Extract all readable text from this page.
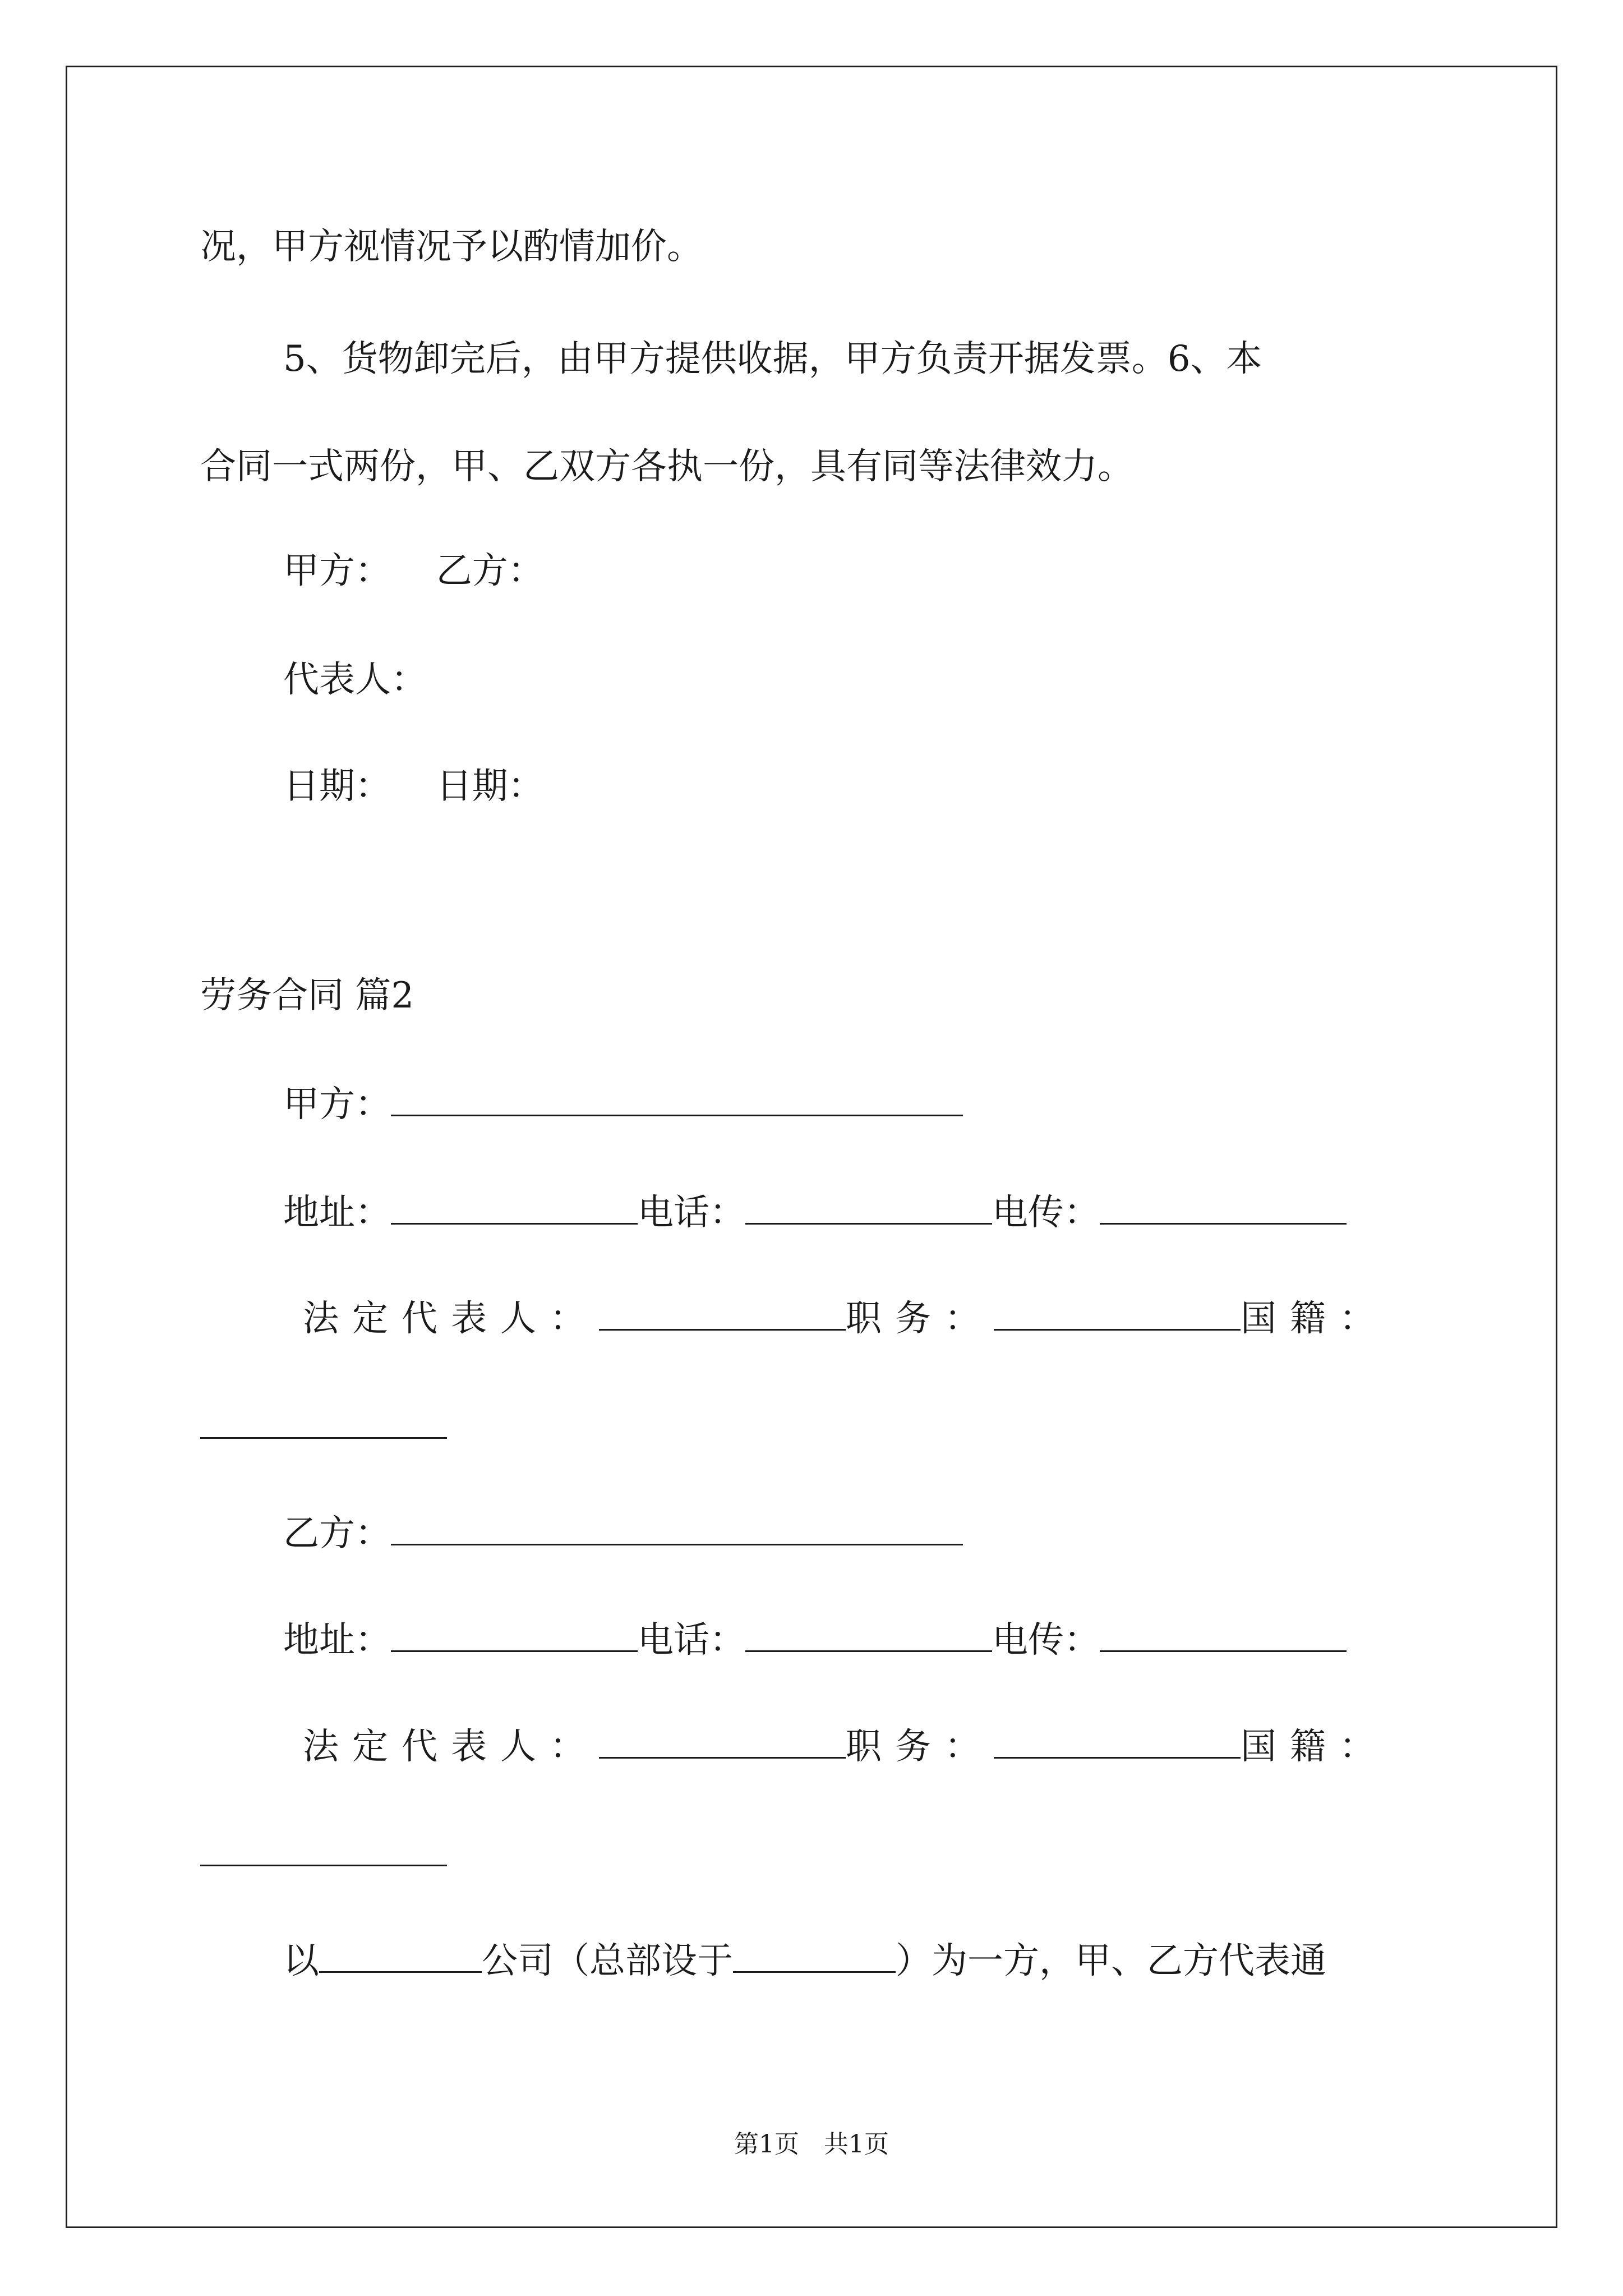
况，甲方视情况予以酌情加价。
5、货物卸完后，由甲方提供收据，甲方负责开据发票。6、本
合同一式两份，甲、乙双方各执一份，具有同等法律效力。
甲方： 乙方：
代表人：
日期： 日期：
劳务合同 篇2
甲方：
地址：	电话：	电传：
法定代表人：	职务：	国籍：
乙方：
地址：	电话：	电传：
法定代表人：	职务：	国籍：
以	公司（总部设于	）为一方，甲、乙方代表通
第1页　共1页
